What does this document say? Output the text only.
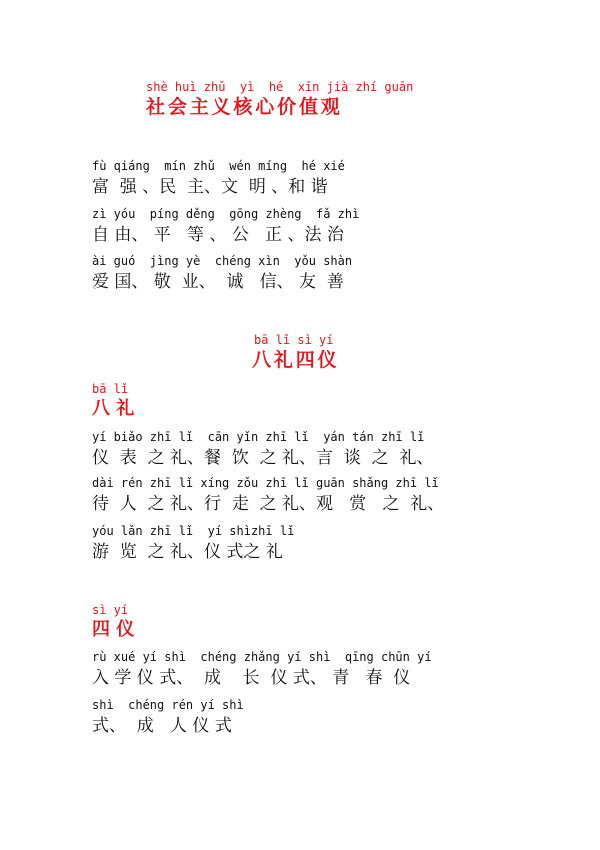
shè huì zhǔ  yì  hé  xīn jià zhí guān
社会主义核心价值观
fù qiáng  mín zhǔ  wén míng  hé xié
富  强 、民  主、文  明 、和 谐
zì yóu  píng děng  gōng zhèng  fǎ zhì
自 由、 平   等 、 公   正 、法 治
ài guó  jìng yè  chéng xìn  yǒu shàn
爱 国、 敬  业、  诚   信、 友  善
bā lǐ sì yí
八礼四仪
bā lǐ
八 礼
yí biǎo zhī lǐ  cān yǐn zhī lǐ  yán tán zhī lǐ
仪  表  之 礼、餐  饮  之 礼、言  谈  之  礼、
dài rén zhī lǐ xíng zǒu zhī lǐ guān shǎng zhī lǐ
待  人  之 礼、行  走  之 礼、观   赏   之  礼、
yóu lǎn zhī lǐ  yí shìzhī lǐ
游  览  之 礼、仪 式之 礼
sì yí
四 仪
rù xué yí shì  chéng zhǎng yí shì  qīng chūn yí
入 学 仪 式、  成    长  仪 式、 青   春  仪
shì  chéng rén yí shì
式、  成   人 仪 式
